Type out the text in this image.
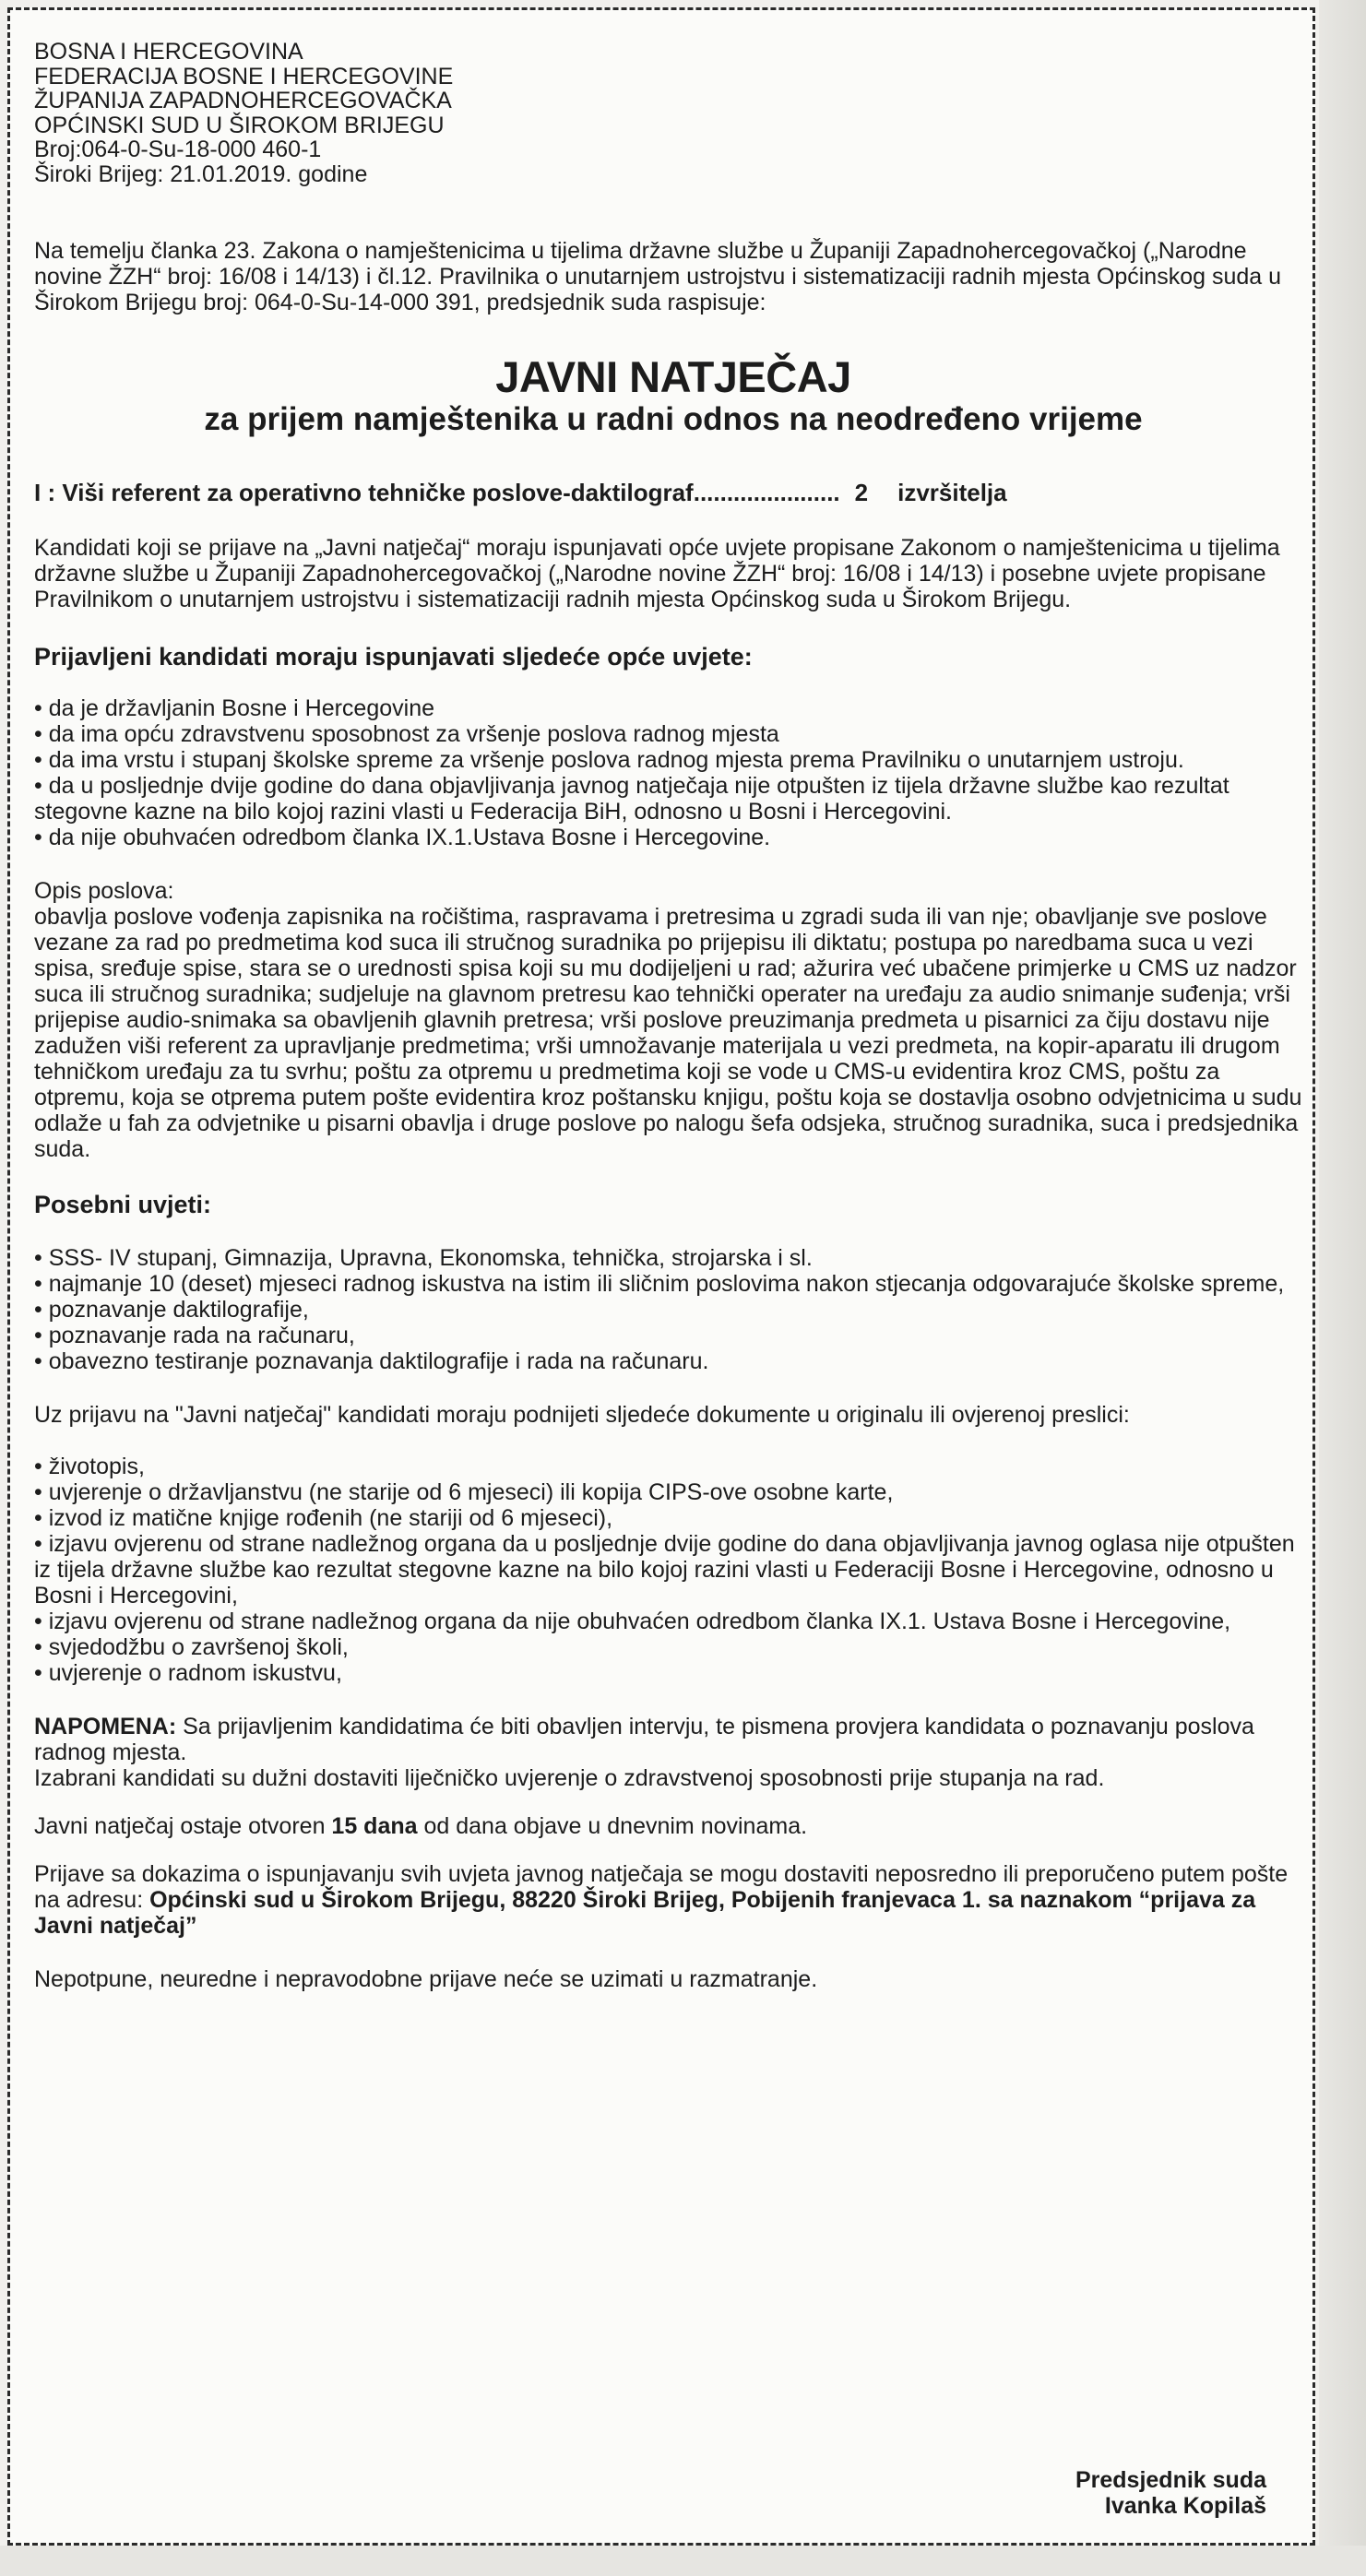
BOSNA I HERCEGOVINA

FEDERACIJA BOSNE I HERCEGOVINE

ŽUPANIJA ZAPADNOHERCEGOVAČKA

OPĆINSKI SUD U ŠIROKOM BRIJEGU

Broj:064-0-Su-18-000 460-1

Široki Brijeg: 21.01.2019. godine

Na temelju članka 23. Zakona o namještenicima u tijelima državne službe u Županiji Zapadnohercegovačkoj („Narodne novine ŽZH“ broj: 16/08 i 14/13) i čl.12. Pravilnika o unutarnjem ustrojstvu i sistematizaciji radnih mjesta Općinskog suda u Širokom Brijegu broj: 064-0-Su-14-000 391, predsjednik suda raspisuje:

JAVNI NATJEČAJ
za prijem namještenika u radni odnos na neodređeno vrijeme
I : Viši referent za operativno tehničke poslove-daktilograf ...................... 2 izvršitelja

Kandidati koji se prijave na „Javni natječaj“ moraju ispunjavati opće uvjete propisane Zakonom o namještenicima u tijelima državne službe u Županiji Zapadnohercegovačkoj („Narodne novine ŽZH“ broj: 16/08 i 14/13) i posebne uvjete propisane Pravilnikom o unutarnjem ustrojstvu i sistematizaciji radnih mjesta Općinskog suda u Širokom Brijegu.

Prijavljeni kandidati moraju ispunjavati sljedeće opće uvjete:

• da je državljanin Bosne i Hercegovine

• da ima opću zdravstvenu sposobnost za vršenje poslova radnog mjesta

• da ima vrstu i stupanj školske spreme za vršenje poslova radnog mjesta prema Pravilniku o unutarnjem ustroju.

• da u posljednje dvije godine do dana objavljivanja javnog natječaja nije otpušten iz tijela državne službe kao rezultat stegovne kazne na bilo kojoj razini vlasti u Federacija BiH, odnosno u Bosni i Hercegovini.

• da nije obuhvaćen odredbom članka IX.1.Ustava Bosne i Hercegovine.

Opis poslova:

obavlja poslove vođenja zapisnika na ročištima, raspravama i pretresima u zgradi suda ili van nje; obavljanje sve poslove vezane za rad po predmetima kod suca ili stručnog suradnika po prijepisu ili diktatu; postupa po naredbama suca u vezi spisa, sređuje spise, stara se o urednosti spisa koji su mu dodijeljeni u rad; ažurira već ubačene primjerke u CMS uz nadzor suca ili stručnog suradnika; sudjeluje na glavnom pretresu kao tehnički operater na uređaju za audio snimanje suđenja; vrši prijepise audio-snimaka sa obavljenih glavnih pretresa; vrši poslove preuzimanja predmeta u pisarnici za čiju dostavu nije zadužen viši referent za upravljanje predmetima; vrši umnožavanje materijala u vezi predmeta, na kopir-aparatu ili drugom tehničkom uređaju za tu svrhu; poštu za otpremu u predmetima koji se vode u CMS-u evidentira kroz CMS, poštu za otpremu, koja se otprema putem pošte evidentira kroz poštansku knjigu, poštu koja se dostavlja osobno odvjetnicima u sudu odlaže u fah za odvjetnike u pisarni obavlja i druge poslove po nalogu šefa odsjeka, stručnog suradnika, suca i predsjednika suda.

Posebni uvjeti:

• SSS- IV stupanj, Gimnazija, Upravna, Ekonomska, tehnička, strojarska i sl.

• najmanje 10 (deset) mjeseci radnog iskustva na istim ili sličnim poslovima nakon stjecanja odgovarajuće školske spreme,

• poznavanje daktilografije,

• poznavanje rada na računaru,

• obavezno testiranje poznavanja daktilografije i rada na računaru.

Uz prijavu na "Javni natječaj" kandidati moraju podnijeti sljedeće dokumente u originalu ili ovjerenoj preslici:

• životopis,

• uvjerenje o državljanstvu (ne starije od 6 mjeseci) ili kopija CIPS-ove osobne karte,

• izvod iz matične knjige rođenih (ne stariji od 6 mjeseci),

• izjavu ovjerenu od strane nadležnog organa da u posljednje dvije godine do dana objavljivanja javnog oglasa nije otpušten iz tijela državne službe kao rezultat stegovne kazne na bilo kojoj razini vlasti u Federaciji Bosne i Hercegovine, odnosno u Bosni i Hercegovini,

• izjavu ovjerenu od strane nadležnog organa da nije obuhvaćen odredbom članka IX.1. Ustava Bosne i Hercegovine,

• svjedodžbu o završenoj školi,

• uvjerenje o radnom iskustvu,

NAPOMENA: Sa prijavljenim kandidatima će biti obavljen intervju, te pismena provjera kandidata o poznavanju poslova radnog mjesta.

Izabrani kandidati su dužni dostaviti liječničko uvjerenje o zdravstvenoj sposobnosti prije stupanja na rad.

Javni natječaj ostaje otvoren 15 dana od dana objave u dnevnim novinama.

Prijave sa dokazima o ispunjavanju svih uvjeta javnog natječaja se mogu dostaviti neposredno ili preporučeno putem pošte na adresu: Općinski sud u Širokom Brijegu, 88220 Široki Brijeg, Pobijenih franjevaca 1. sa naznakom “prijava za Javni natječaj”

Nepotpune, neuredne i nepravodobne prijave neće se uzimati u razmatranje.

Predsjednik suda

Ivanka Kopilaš
